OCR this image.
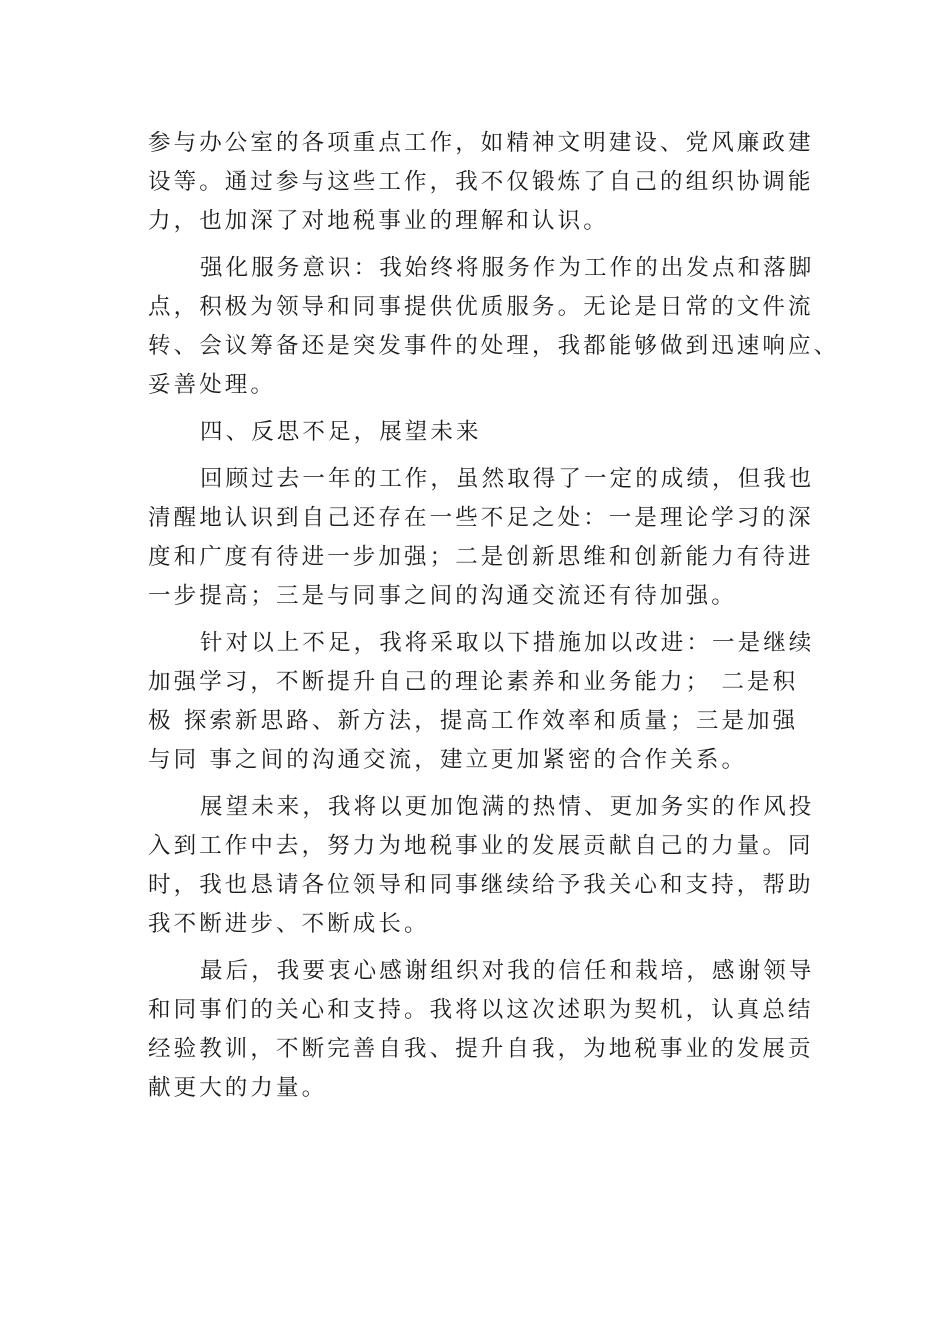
参与办公室的各项重点工作，如精神文明建设、党风廉政建
设等。通过参与这些工作，我不仅锻炼了自己的组织协调能
力，也加深了对地税事业的理解和认识。
强化服务意识：我始终将服务作为工作的出发点和落脚
点，积极为领导和同事提供优质服务。无论是日常的文件流
转、会议筹备还是突发事件的处理，我都能够做到迅速响应、
妥善处理。
四、反思不足，展望未来
回顾过去一年的工作，虽然取得了一定的成绩，但我也
清醒地认识到自己还存在一些不足之处：一是理论学习的深
度和广度有待进一步加强；二是创新思维和创新能力有待进
一步提高；三是与同事之间的沟通交流还有待加强。
针对以上不足，我将采取以下措施加以改进：一是继续
加强学习，不断提升自己的理论素养和业务能力； 二是积
极 探索新思路、新方法，提高工作效率和质量；三是加强
与同 事之间的沟通交流，建立更加紧密的合作关系。
展望未来，我将以更加饱满的热情、更加务实的作风投
入到工作中去，努力为地税事业的发展贡献自己的力量。同
时，我也恳请各位领导和同事继续给予我关心和支持，帮助
我不断进步、不断成长。
最后，我要衷心感谢组织对我的信任和栽培，感谢领导
和同事们的关心和支持。我将以这次述职为契机，认真总结
经验教训，不断完善自我、提升自我，为地税事业的发展贡
献更大的力量。
